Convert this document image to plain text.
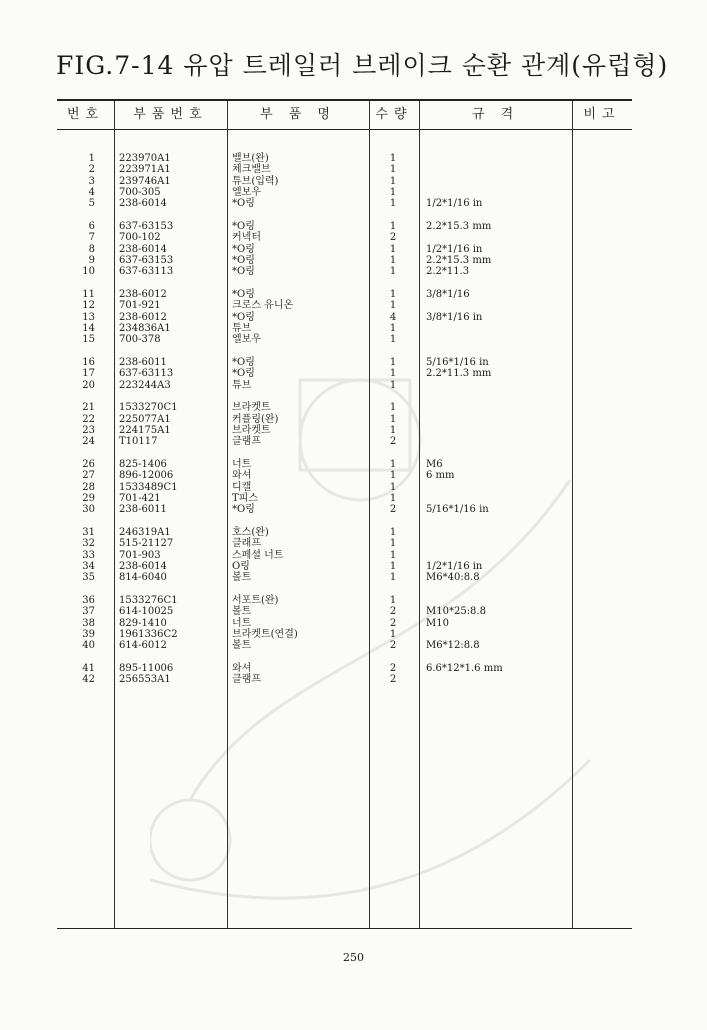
FIG.7-14 유압 트레일러 브레이크 순환 관계(유럽형)
번호	부품번호	부 품 명	수량	규 격	비고
1 223970A1	밸브(완)	1
2 223971A1	체크밸브	1
3 239746A1	튜브(입력)	1
4 700-305	엘보우	1
5 238-6014	*O링	1	1/2*1/16 in
6 637-63153	*O링	1	2.2*15.3 mm
7 700-102	커넥터	2
8 238-6014	*O링	1	1/2*1/16 in
9 637-63153	*O링	1	2.2*15.3 mm
10 637-63113	*O링	1	2.2*11.3
11 238-6012	*O링	1	3/8*1/16
12 701-921	크로스 유니온	1
13 238-6012	*O링	4	3/8*1/16 in
14 234836A1	튜브	1
15 700-378	엘보우	1
16 238-6011	*O링	1	5/16*1/16 in
17 637-63113	*O링	1	2.2*11.3 mm
20 223244A3	튜브	1
21 1533270C1	브라켓트	1
22 225077A1	커플링(완)	1
23 224175A1	브라켓트	1
24 T10117	클램프	2
26 825-1406	너트	1	M6
27 896-12006	와셔	1	6 mm
28 1533489C1	디캘	1
29 701-421	T피스	1
30 238-6011	*O링	2	5/16*1/16 in
31 246319A1	호스(완)	1
32 515-21127	클래프	1
33 701-903	스페셜 너트	1
34 238-6014	O링	1	1/2*1/16 in
35 814-6040	볼트	1	M6*40:8.8
36 1533276C1	서포트(완)	1
37 614-10025	볼트	2	M10*25:8.8
38 829-1410	너트	2	M10
39 1961336C2	브라켓트(연결)	1
40 614-6012	볼트	2	M6*12:8.8
41 895-11006	와셔	2	6.6*12*1.6 mm
42 256553A1	클램프	2
250
